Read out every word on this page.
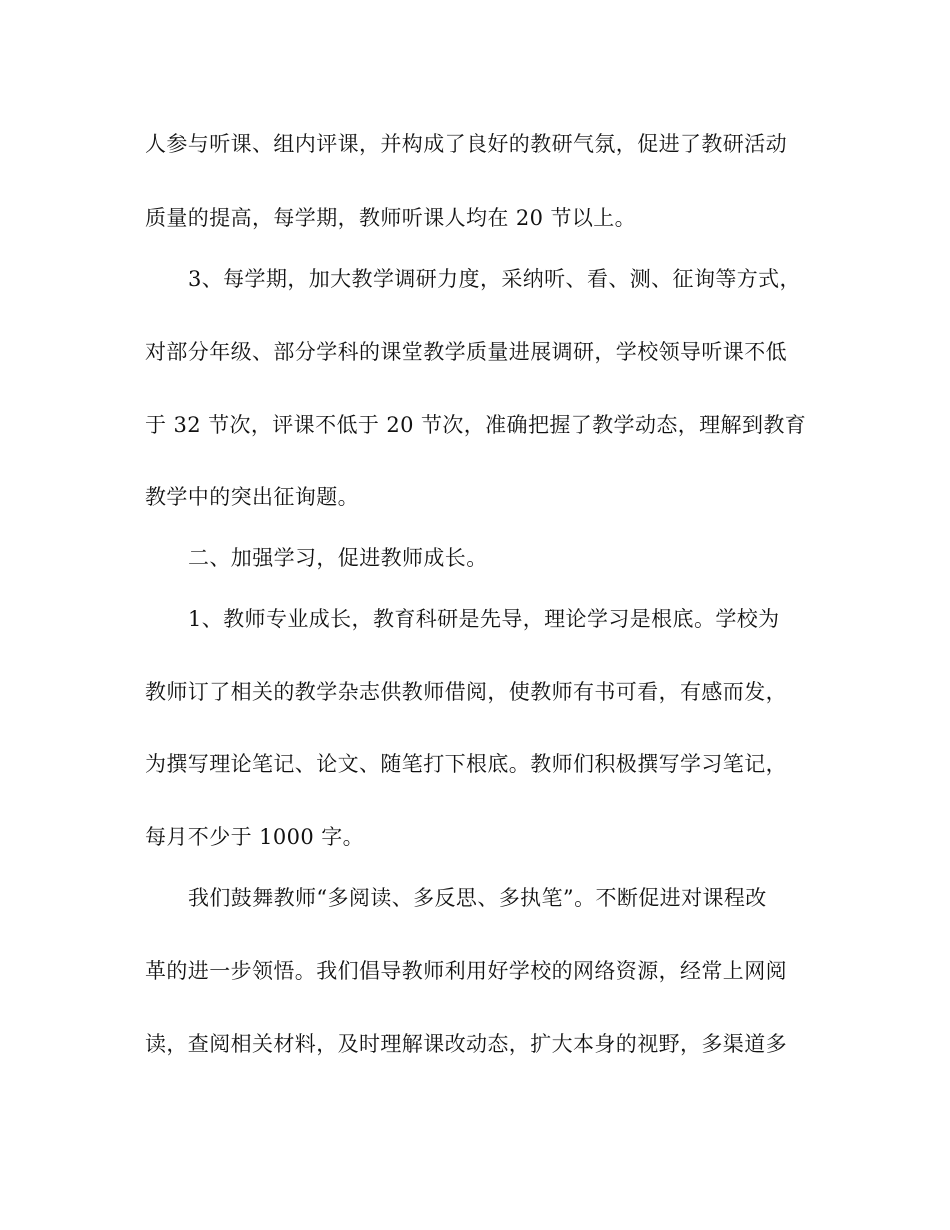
人参与听课、组内评课，并构成了良好的教研气氛，促进了教研活动
质量的提高，每学期，教师听课人均在 20 节以上。
3、每学期，加大教学调研力度，采纳听、看、测、征询等方式，
对部分年级、部分学科的课堂教学质量进展调研，学校领导听课不低
于 32 节次，评课不低于 20 节次，准确把握了教学动态，理解到教育
教学中的突出征询题。
二、加强学习，促进教师成长。
1、教师专业成长，教育科研是先导，理论学习是根底。学校为
教师订了相关的教学杂志供教师借阅，使教师有书可看，有感而发，
为撰写理论笔记、论文、随笔打下根底。教师们积极撰写学习笔记，
每月不少于 1000 字。
我们鼓舞教师“多阅读、多反思、多执笔”。不断促进对课程改
革的进一步领悟。我们倡导教师利用好学校的网络资源，经常上网阅
读，查阅相关材料，及时理解课改动态，扩大本身的视野，多渠道多
